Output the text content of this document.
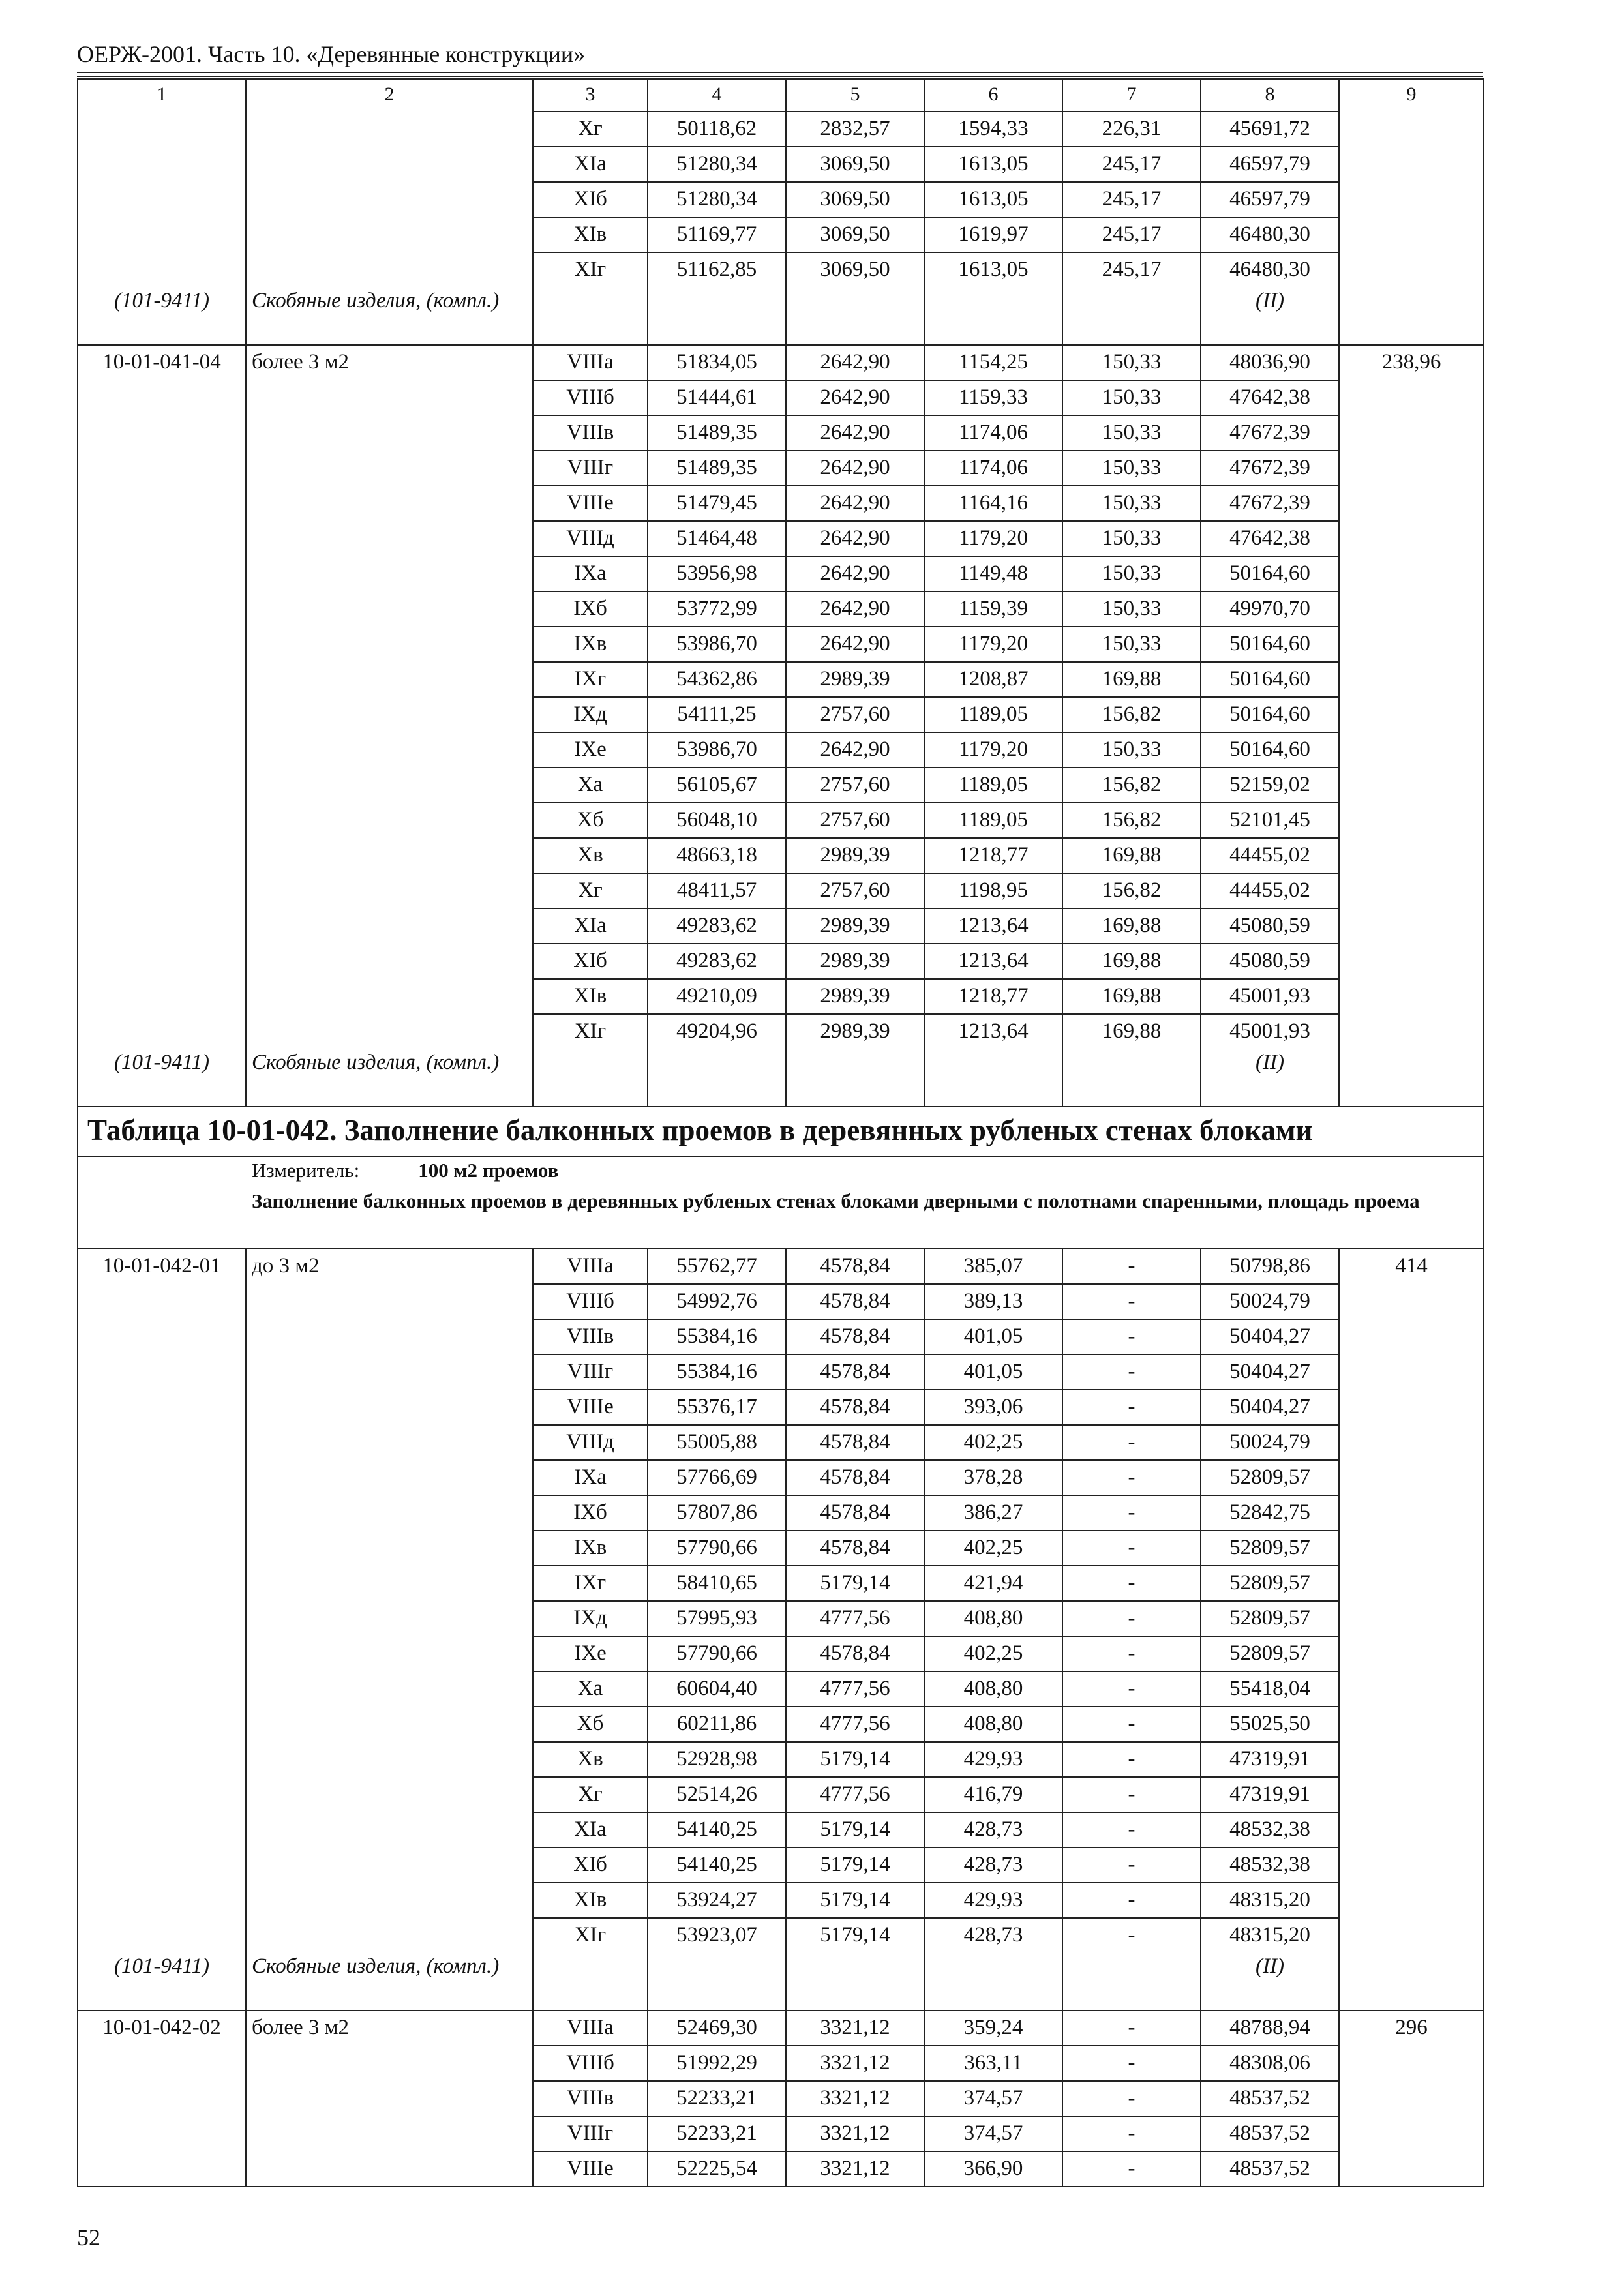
ОЕРЖ-2001. Часть 10. «Деревянные конструкции»
1	2	3	4	5	6	7	8	9
		Хг	50118,62	2832,57	1594,33	226,31	45691,72	
		ХIа	51280,34	3069,50	1613,05	245,17	46597,79	
		ХIб	51280,34	3069,50	1613,05	245,17	46597,79	
		ХIв	51169,77	3069,50	1619,97	245,17	46480,30	
		ХIг	51162,85	3069,50	1613,05	245,17	46480,30	
(101-9411)	Скобяные изделия, (компл.)						(II)	
10-01-041-04	более 3 м2	VIIIа	51834,05	2642,90	1154,25	150,33	48036,90	238,96
		VIIIб	51444,61	2642,90	1159,33	150,33	47642,38	
		VIIIв	51489,35	2642,90	1174,06	150,33	47672,39	
		VIIIг	51489,35	2642,90	1174,06	150,33	47672,39	
		VIIIе	51479,45	2642,90	1164,16	150,33	47672,39	
		VIIIд	51464,48	2642,90	1179,20	150,33	47642,38	
		IХа	53956,98	2642,90	1149,48	150,33	50164,60	
		IХб	53772,99	2642,90	1159,39	150,33	49970,70	
		IХв	53986,70	2642,90	1179,20	150,33	50164,60	
		IХг	54362,86	2989,39	1208,87	169,88	50164,60	
		IХд	54111,25	2757,60	1189,05	156,82	50164,60	
		IХе	53986,70	2642,90	1179,20	150,33	50164,60	
		Ха	56105,67	2757,60	1189,05	156,82	52159,02	
		Хб	56048,10	2757,60	1189,05	156,82	52101,45	
		Хв	48663,18	2989,39	1218,77	169,88	44455,02	
		Хг	48411,57	2757,60	1198,95	156,82	44455,02	
		ХIа	49283,62	2989,39	1213,64	169,88	45080,59	
		ХIб	49283,62	2989,39	1213,64	169,88	45080,59	
		ХIв	49210,09	2989,39	1218,77	169,88	45001,93	
		ХIг	49204,96	2989,39	1213,64	169,88	45001,93	
(101-9411)	Скобяные изделия, (компл.)						(II)	
Таблица 10-01-042. Заполнение балконных проемов в деревянных рубленых стенах блоками								
Измеритель: 100 м2 проемов								
Заполнение балконных проемов в деревянных рубленых стенах блоками дверными с полотнами спаренными, площадь проема								
10-01-042-01	до 3 м2	VIIIа	55762,77	4578,84	385,07	-	50798,86	414
		VIIIб	54992,76	4578,84	389,13	-	50024,79	
		VIIIв	55384,16	4578,84	401,05	-	50404,27	
		VIIIг	55384,16	4578,84	401,05	-	50404,27	
		VIIIе	55376,17	4578,84	393,06	-	50404,27	
		VIIIд	55005,88	4578,84	402,25	-	50024,79	
		IХа	57766,69	4578,84	378,28	-	52809,57	
		IХб	57807,86	4578,84	386,27	-	52842,75	
		IХв	57790,66	4578,84	402,25	-	52809,57	
		IХг	58410,65	5179,14	421,94	-	52809,57	
		IХд	57995,93	4777,56	408,80	-	52809,57	
		IХе	57790,66	4578,84	402,25	-	52809,57	
		Ха	60604,40	4777,56	408,80	-	55418,04	
		Хб	60211,86	4777,56	408,80	-	55025,50	
		Хв	52928,98	5179,14	429,93	-	47319,91	
		Хг	52514,26	4777,56	416,79	-	47319,91	
		ХIа	54140,25	5179,14	428,73	-	48532,38	
		ХIб	54140,25	5179,14	428,73	-	48532,38	
		ХIв	53924,27	5179,14	429,93	-	48315,20	
		ХIг	53923,07	5179,14	428,73	-	48315,20	
(101-9411)	Скобяные изделия, (компл.)						(II)	
10-01-042-02	более 3 м2	VIIIа	52469,30	3321,12	359,24	-	48788,94	296
		VIIIб	51992,29	3321,12	363,11	-	48308,06	
		VIIIв	52233,21	3321,12	374,57	-	48537,52	
		VIIIг	52233,21	3321,12	374,57	-	48537,52	
		VIIIе	52225,54	3321,12	366,90	-	48537,52	
52
